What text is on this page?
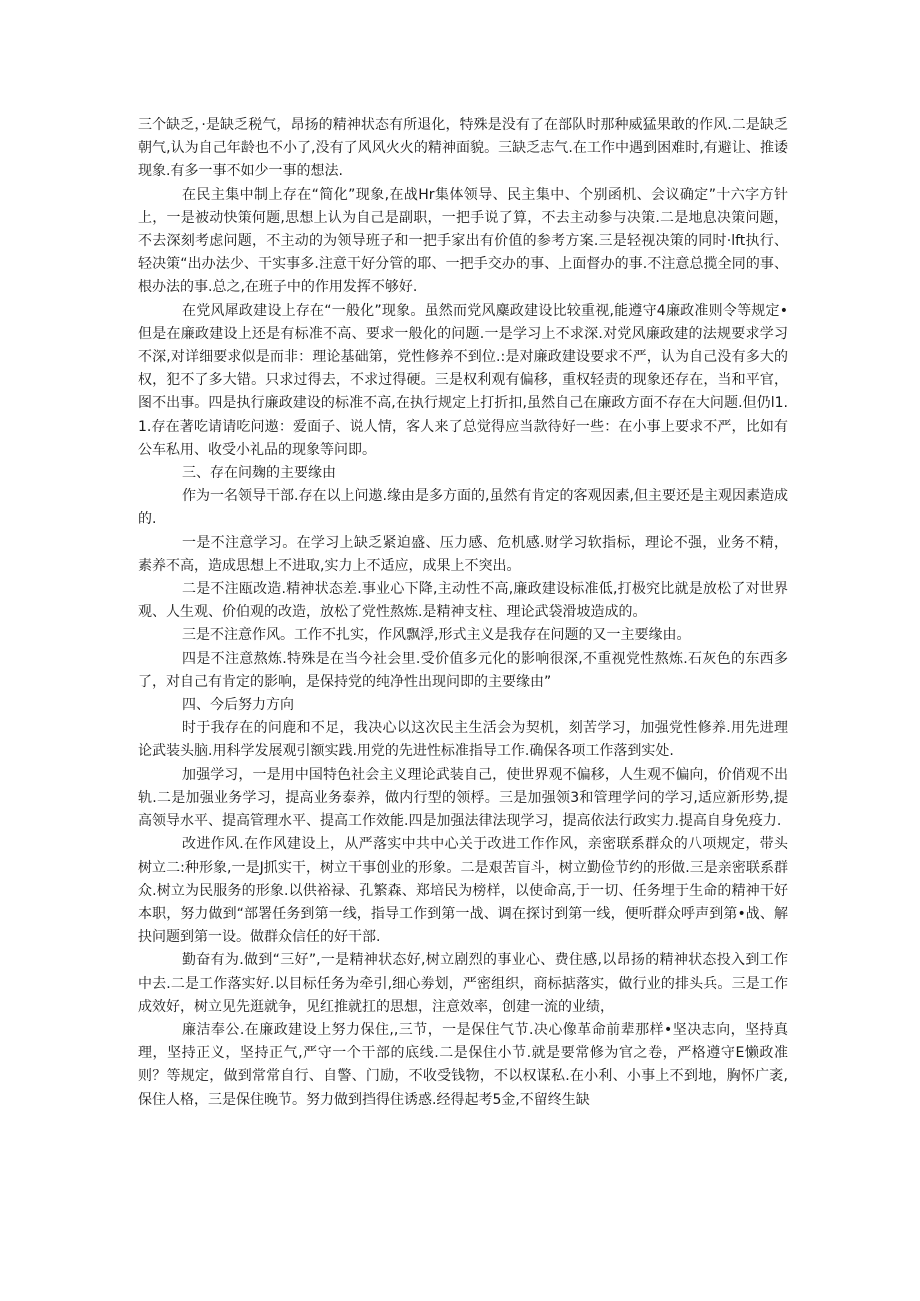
三个缺乏，·是缺乏税气，昂扬的精神状态有所退化，特殊是没有了在部队时那种威猛果敢的作风.二是缺乏朝气,认为自己年龄也不小了,没有了风风火火的精神面貌。三缺乏志气.在工作中遇到困难时,有避让、推诿现象.有多一事不如少一事的想法.

在民主集中制上存在“简化”现象,在战Hr集体领导、民主集中、个别函机、会议确定”十六字方针上，一是被动快策何题,思想上认为自己是副职，一把手说了算，不去主动参与决策.二是地息决策问题，不去深刻考虑问题，不主动的为领导班子和一把手家出有价值的参考方案.三是轻视决策的同时·lft执行、轻决策“出办法少、干实事多.注意干好分管的耶、一把手交办的事、上面督办的事.不注意总揽全同的事、根办法的事.总之,在班子中的作用发挥不够好.

在党风犀政建设上存在“一般化”现象。虽然而党风麋政建设比较重视,能遵守4廉政准则令等规定•但是在廉政建设上还是有标准不高、要求一般化的问题.一是学习上不求深.对党风廉政建的法规要求学习不深,对详细要求似是而非：理论基础第，党性修养不到位.:是对廉政建设要求不严，认为自己没有多大的权，犯不了多大错。只求过得去，不求过得硬。三是权利观有偏移，重权轻责的现象还存在，当和平官，图不出事。四是执行廉政建设的标准不高,在执行规定上打折扣,虽然自己在廉政方面不存在大问题.但仍l1.1.存在著吃请请吃问遨：爱面子、说人情，客人来了总觉得应当款待好一些：在小事上要求不严，比如有公车私用、收受小礼品的现象等问即。

三、存在问麹的主要缘由

作为一名领导干部.存在以上问遨.缘由是多方面的,虽然有肯定的客观因素,但主要还是主观因素造成的.

一是不注意学习。在学习上缺乏紧迫盛、压力感、危机感.财学习软指标，理论不强，业务不精，素养不高，造成思想上不进取,实力上不适应，成果上不突出。

二是不注瓯改造.精神状态差.事业心下降,主动性不高,廉政建设标准低,打极究比就是放松了对世界观、人生观、价伯观的改造，放松了党性熬炼.是精神支柱、理论武袋滑坡造成的。

三是不注意作风。工作不扎实，作风飘浮,形式主义是我存在问题的又一主要缘由。

四是不注意熬炼.特殊是在当今社会里.受价值多元化的影响很深,不重视党性熬炼.石灰色的东西多了，对自己有肯定的影响，是保持党的纯净性出现问即的主要缘由”

四、今后努力方向

时于我存在的问鹿和不足，我决心以这次民主生活会为契机，刻苦学习，加强党性修养.用先进理论武装头脑.用科学发展观引额实践.用党的先进性标准指导工作.确保各项工作落到实处.

加强学习，一是用中国特色社会主义理论武装自己，使世界观不偏移，人生观不偏向，价俏观不出轨.二是加强业务学习，提高业务泰养，做内行型的领桴。三是加强领3和管理学问的学习,适应新形势,提高领导水平、提高管理水平、提高工作效能.四是加强法律法现学习，提高依法行政实力.提高自身免疫力.

改进作风.在作风建设上，从严落实中共中心关于改进工作作风，亲密联系群众的八项规定，带头树立二:种形象,一是J抓实干，树立干事创业的形象。二是艰苦盲斗，树立勤俭节约的形做.三是亲密联系群众.树立为民服务的形象.以供裕禄、孔繁森、郑培民为榜样，以使命高,于一切、任务埋于生命的精神干好本职，努力做到“部署任务到第一线，指导工作到第一战、调在探讨到第一线，便听群众呼声到第•战、解抉问题到第一设。做群众信任的好干部.

勤奋有为.做到“三好”,一是精神状态好,树立剧烈的事业心、费住感,以昂扬的精神状态投入到工作中去.二是工作落实好.以目标任务为牵引,细心劵划，严密组织，商标掂落实，做行业的排头兵。三是工作成效好，树立见先逛就争，见红推就扛的思想，注意效率，创建一流的业绩，

廉洁奉公.在廉政建设上努力保住,,三节，一是保住气节.决心像革命前辈那样•坚决志向，坚持真理，坚持正义，坚持正气,严守一个干部的底线.二是保住小节.就是要常修为官之卷，严格遵守E懒政准则？等规定，做到常常自行、自警、门励，不收受钱物，不以权谋私.在小利、小事上不到地，胸怀广袤,保住人格，三是保住晚节。努力做到挡得住诱惑.经得起考5金,不留终生缺
